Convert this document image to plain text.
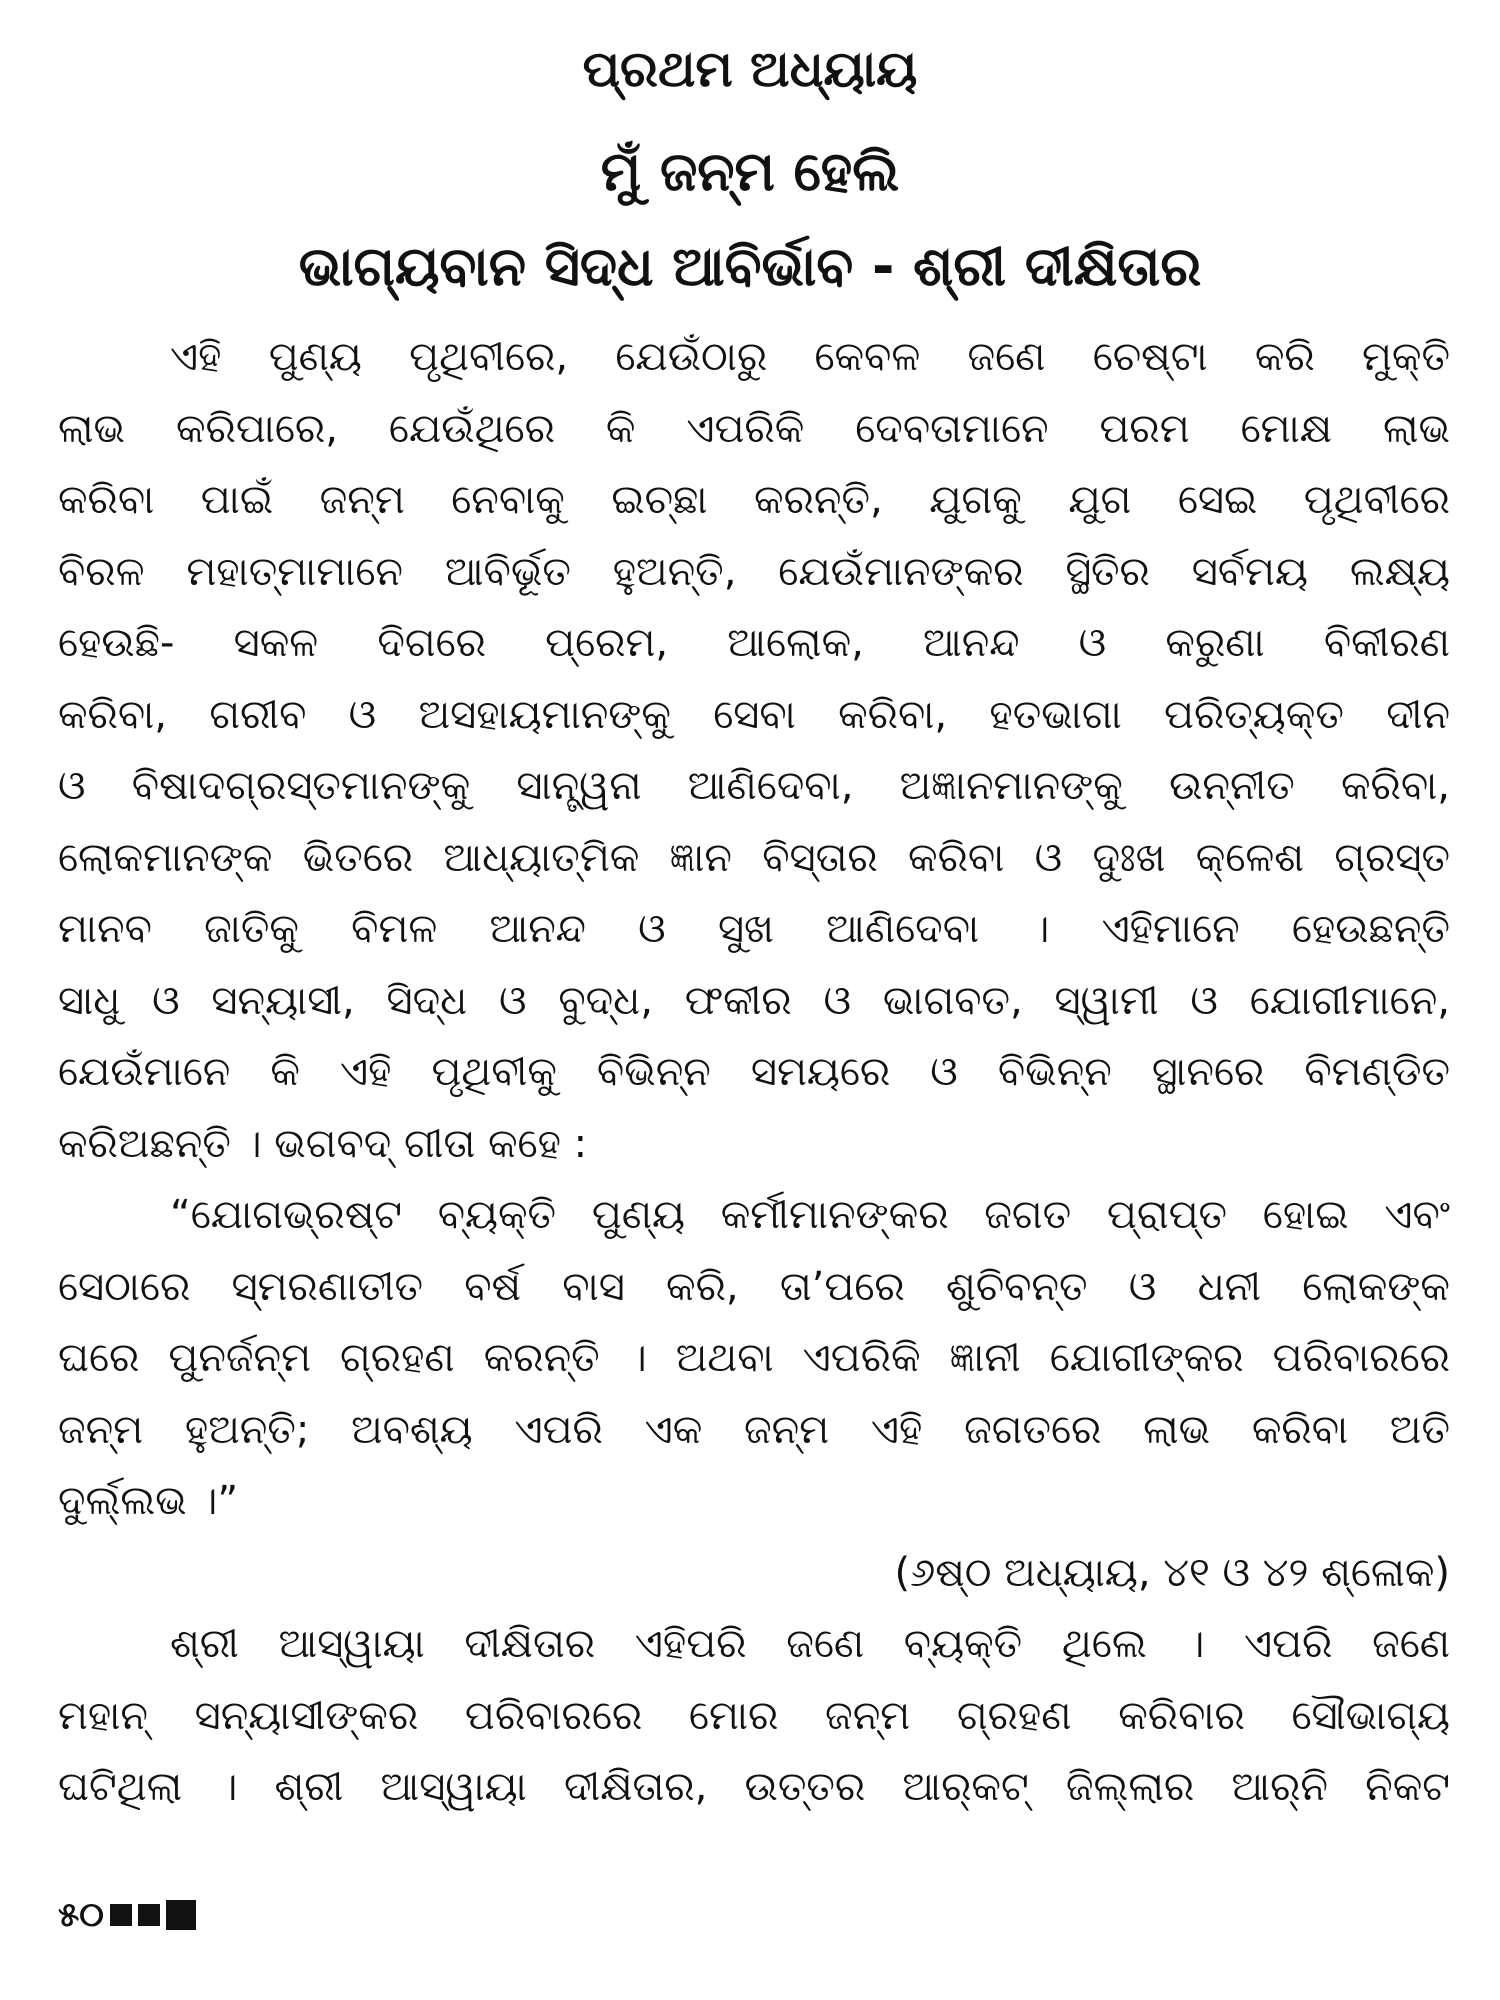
ପ୍ରଥମ ଅଧ୍ୟାୟ
ମୁଁ ଜନ୍ମ ହେଲି
ଭାଗ୍ୟବାନ ସିଦ୍ଧ ଆବିର୍ଭାବ - ଶ୍ରୀ ଦୀକ୍ଷିତାର
ଏହି ପୁଣ୍ୟ ପୃଥିବୀରେ, ଯେଉଁଠାରୁ କେବଳ ଜଣେ ଚେଷ୍ଟା କରି ମୁକ୍ତି
ଲାଭ କରିପାରେ, ଯେଉଁଥିରେ କି ଏପରିକି ଦେବତାମାନେ ପରମ ମୋକ୍ଷ ଲାଭ
କରିବା ପାଇଁ ଜନ୍ମ ନେବାକୁ ଇଚ୍ଛା କରନ୍ତି, ଯୁଗକୁ ଯୁଗ ସେଇ ପୃଥିବୀରେ
ବିରଳ ମହାତ୍ମାମାନେ ଆବିର୍ଭୂତ ହୁଅନ୍ତି, ଯେଉଁମାନଙ୍କର ସ୍ଥିତିର ସର୍ବମୟ ଲକ୍ଷ୍ୟ
ହେଉଛି- ସକଳ ଦିଗରେ ପ୍ରେମ, ଆଲୋକ, ଆନନ୍ଦ ଓ କରୁଣା ବିକୀରଣ
କରିବା, ଗରୀବ ଓ ଅସହାୟମାନଙ୍କୁ ସେବା କରିବା, ହତଭାଗା ପରିତ୍ୟକ୍ତ ଦୀନ
ଓ ବିଷାଦଗ୍ରସ୍ତମାନଙ୍କୁ ସାନ୍ତ୍ୱନା ଆଣିଦେବା, ଅଜ୍ଞାନମାନଙ୍କୁ ଉନ୍ନୀତ କରିବା,
ଲୋକମାନଙ୍କ ଭିତରେ ଆଧ୍ୟାତ୍ମିକ ଜ୍ଞାନ ବିସ୍ତାର କରିବା ଓ ଦୁଃଖ କ୍ଳେଶ ଗ୍ରସ୍ତ
ମାନବ ଜାତିକୁ ବିମଳ ଆନନ୍ଦ ଓ ସୁଖ ଆଣିଦେବା । ଏହିମାନେ ହେଉଛନ୍ତି
ସାଧୁ ଓ ସନ୍ୟାସୀ, ସିଦ୍ଧ ଓ ବୁଦ୍ଧ, ଫକୀର ଓ ଭାଗବତ, ସ୍ୱାମୀ ଓ ଯୋଗୀମାନେ,
ଯେଉଁମାନେ କି ଏହି ପୃଥିବୀକୁ ବିଭିନ୍ନ ସମୟରେ ଓ ବିଭିନ୍ନ ସ୍ଥାନରେ ବିମଣ୍ଡିତ
କରିଅଛନ୍ତି । ଭଗବଦ୍ ଗୀତା କହେ :
“ଯୋଗଭ୍ରଷ୍ଟ ବ୍ୟକ୍ତି ପୁଣ୍ୟ କର୍ମୀମାନଙ୍କର ଜଗତ ପ୍ରାପ୍ତ ହୋଇ ଏବଂ
ସେଠାରେ ସ୍ମରଣାତୀତ ବର୍ଷ ବାସ କରି, ତା’ପରେ ଶୁଚିବନ୍ତ ଓ ଧନୀ ଲୋକଙ୍କ
ଘରେ ପୁନର୍ଜନ୍ମ ଗ୍ରହଣ କରନ୍ତି । ଅଥବା ଏପରିକି ଜ୍ଞାନୀ ଯୋଗୀଙ୍କର ପରିବାରରେ
ଜନ୍ମ ହୁଅନ୍ତି; ଅବଶ୍ୟ ଏପରି ଏକ ଜନ୍ମ ଏହି ଜଗତରେ ଲାଭ କରିବା ଅତି
ଦୁର୍ଲ୍ଲଭ ।”
(୬ଷ୍ଠ ଅଧ୍ୟାୟ, ୪୧ ଓ ୪୨ ଶ୍ଳୋକ)
ଶ୍ରୀ ଆସ୍ୱାୟା ଦୀକ୍ଷିତାର ଏହିପରି ଜଣେ ବ୍ୟକ୍ତି ଥିଲେ । ଏପରି ଜଣେ
ମହାନ୍ ସନ୍ୟାସୀଙ୍କର ପରିବାରରେ ମୋର ଜନ୍ମ ଗ୍ରହଣ କରିବାର ସୌଭାଗ୍ୟ
ଘଟିଥିଲା । ଶ୍ରୀ ଆସ୍ୱାୟା ଦୀକ୍ଷିତାର, ଉତ୍ତର ଆର୍‌କଟ୍ ଜିଲ୍ଲାର ଆର୍‌ନି ନିକଟ
୫୦
